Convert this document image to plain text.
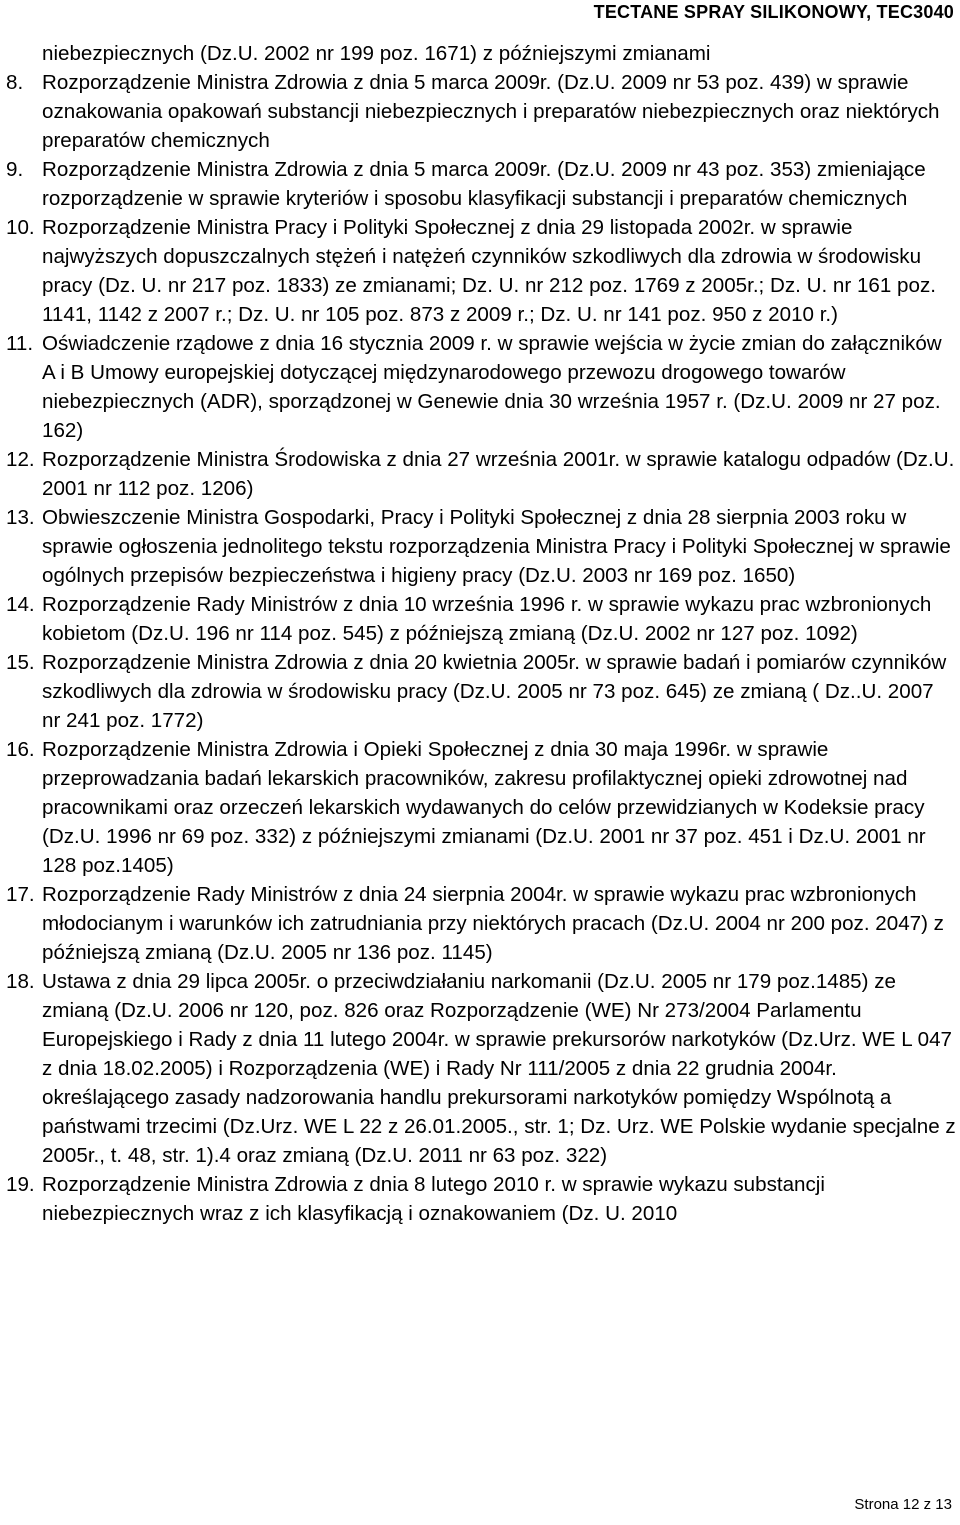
TECTANE SPRAY SILIKONOWY, TEC3040
niebezpiecznych (Dz.U. 2002 nr 199 poz. 1671) z późniejszymi zmianami
8. Rozporządzenie Ministra Zdrowia z dnia 5 marca 2009r. (Dz.U. 2009 nr 53 poz. 439) w sprawie oznakowania opakowań substancji niebezpiecznych i preparatów niebezpiecznych oraz niektórych preparatów chemicznych
9. Rozporządzenie Ministra Zdrowia z dnia 5 marca 2009r. (Dz.U. 2009 nr 43 poz. 353) zmieniające rozporządzenie w sprawie kryteriów i sposobu klasyfikacji substancji i preparatów chemicznych
10. Rozporządzenie Ministra Pracy i Polityki Społecznej z dnia 29 listopada 2002r. w sprawie najwyższych dopuszczalnych stężeń i natężeń czynników szkodliwych dla zdrowia w środowisku pracy (Dz. U. nr 217 poz. 1833) ze zmianami; Dz. U. nr 212 poz. 1769 z 2005r.; Dz. U. nr 161 poz. 1141, 1142 z 2007 r.; Dz. U. nr 105 poz. 873 z 2009 r.; Dz. U. nr 141 poz. 950 z 2010 r.)
11. Oświadczenie rządowe z dnia 16 stycznia 2009 r. w sprawie wejścia w życie zmian do załączników A i B Umowy europejskiej dotyczącej międzynarodowego przewozu drogowego towarów niebezpiecznych (ADR), sporządzonej w Genewie dnia 30 września 1957 r. (Dz.U. 2009 nr 27 poz. 162)
12. Rozporządzenie Ministra Środowiska z dnia 27 września 2001r. w sprawie katalogu odpadów (Dz.U. 2001 nr 112 poz. 1206)
13. Obwieszczenie Ministra Gospodarki, Pracy i Polityki Społecznej z dnia 28 sierpnia 2003 roku w sprawie ogłoszenia jednolitego tekstu rozporządzenia Ministra Pracy i Polityki Społecznej w sprawie ogólnych przepisów bezpieczeństwa i higieny pracy (Dz.U. 2003 nr 169 poz. 1650)
14. Rozporządzenie Rady Ministrów z dnia 10 września 1996 r. w sprawie wykazu prac wzbronionych kobietom (Dz.U. 196 nr 114 poz. 545) z późniejszą zmianą (Dz.U. 2002 nr 127 poz. 1092)
15. Rozporządzenie Ministra Zdrowia z dnia 20 kwietnia 2005r. w sprawie badań i pomiarów czynników szkodliwych dla zdrowia w środowisku pracy (Dz.U. 2005 nr 73 poz. 645) ze zmianą ( Dz..U. 2007 nr 241 poz. 1772)
16. Rozporządzenie Ministra Zdrowia i Opieki Społecznej z dnia 30 maja 1996r. w sprawie przeprowadzania badań lekarskich pracowników, zakresu profilaktycznej opieki zdrowotnej nad pracownikami oraz orzeczeń lekarskich wydawanych do celów przewidzianych w Kodeksie pracy (Dz.U. 1996 nr 69 poz. 332) z późniejszymi zmianami (Dz.U. 2001 nr 37 poz. 451 i Dz.U. 2001 nr 128 poz.1405)
17. Rozporządzenie Rady Ministrów z dnia 24 sierpnia 2004r. w sprawie wykazu prac wzbronionych młodocianym i warunków ich zatrudniania przy niektórych pracach (Dz.U. 2004 nr 200 poz. 2047) z późniejszą zmianą (Dz.U. 2005 nr 136 poz. 1145)
18. Ustawa z dnia 29 lipca 2005r. o przeciwdziałaniu narkomanii (Dz.U. 2005 nr 179 poz.1485) ze zmianą (Dz.U. 2006 nr 120, poz. 826 oraz Rozporządzenie (WE) Nr 273/2004 Parlamentu Europejskiego i Rady z dnia 11 lutego 2004r. w sprawie prekursorów narkotyków (Dz.Urz. WE L 047 z dnia 18.02.2005) i Rozporządzenia (WE) i Rady Nr 111/2005 z dnia 22 grudnia 2004r. określającego zasady nadzorowania handlu prekursorami narkotyków pomiędzy Wspólnotą a państwami trzecimi (Dz.Urz. WE L 22 z 26.01.2005., str. 1; Dz. Urz. WE Polskie wydanie specjalne z 2005r., t. 48, str. 1).4 oraz zmianą (Dz.U. 2011 nr 63 poz. 322)
19. Rozporządzenie Ministra Zdrowia z dnia 8 lutego 2010 r. w sprawie wykazu substancji niebezpiecznych wraz z ich klasyfikacją i oznakowaniem (Dz. U. 2010
Strona 12 z 13
